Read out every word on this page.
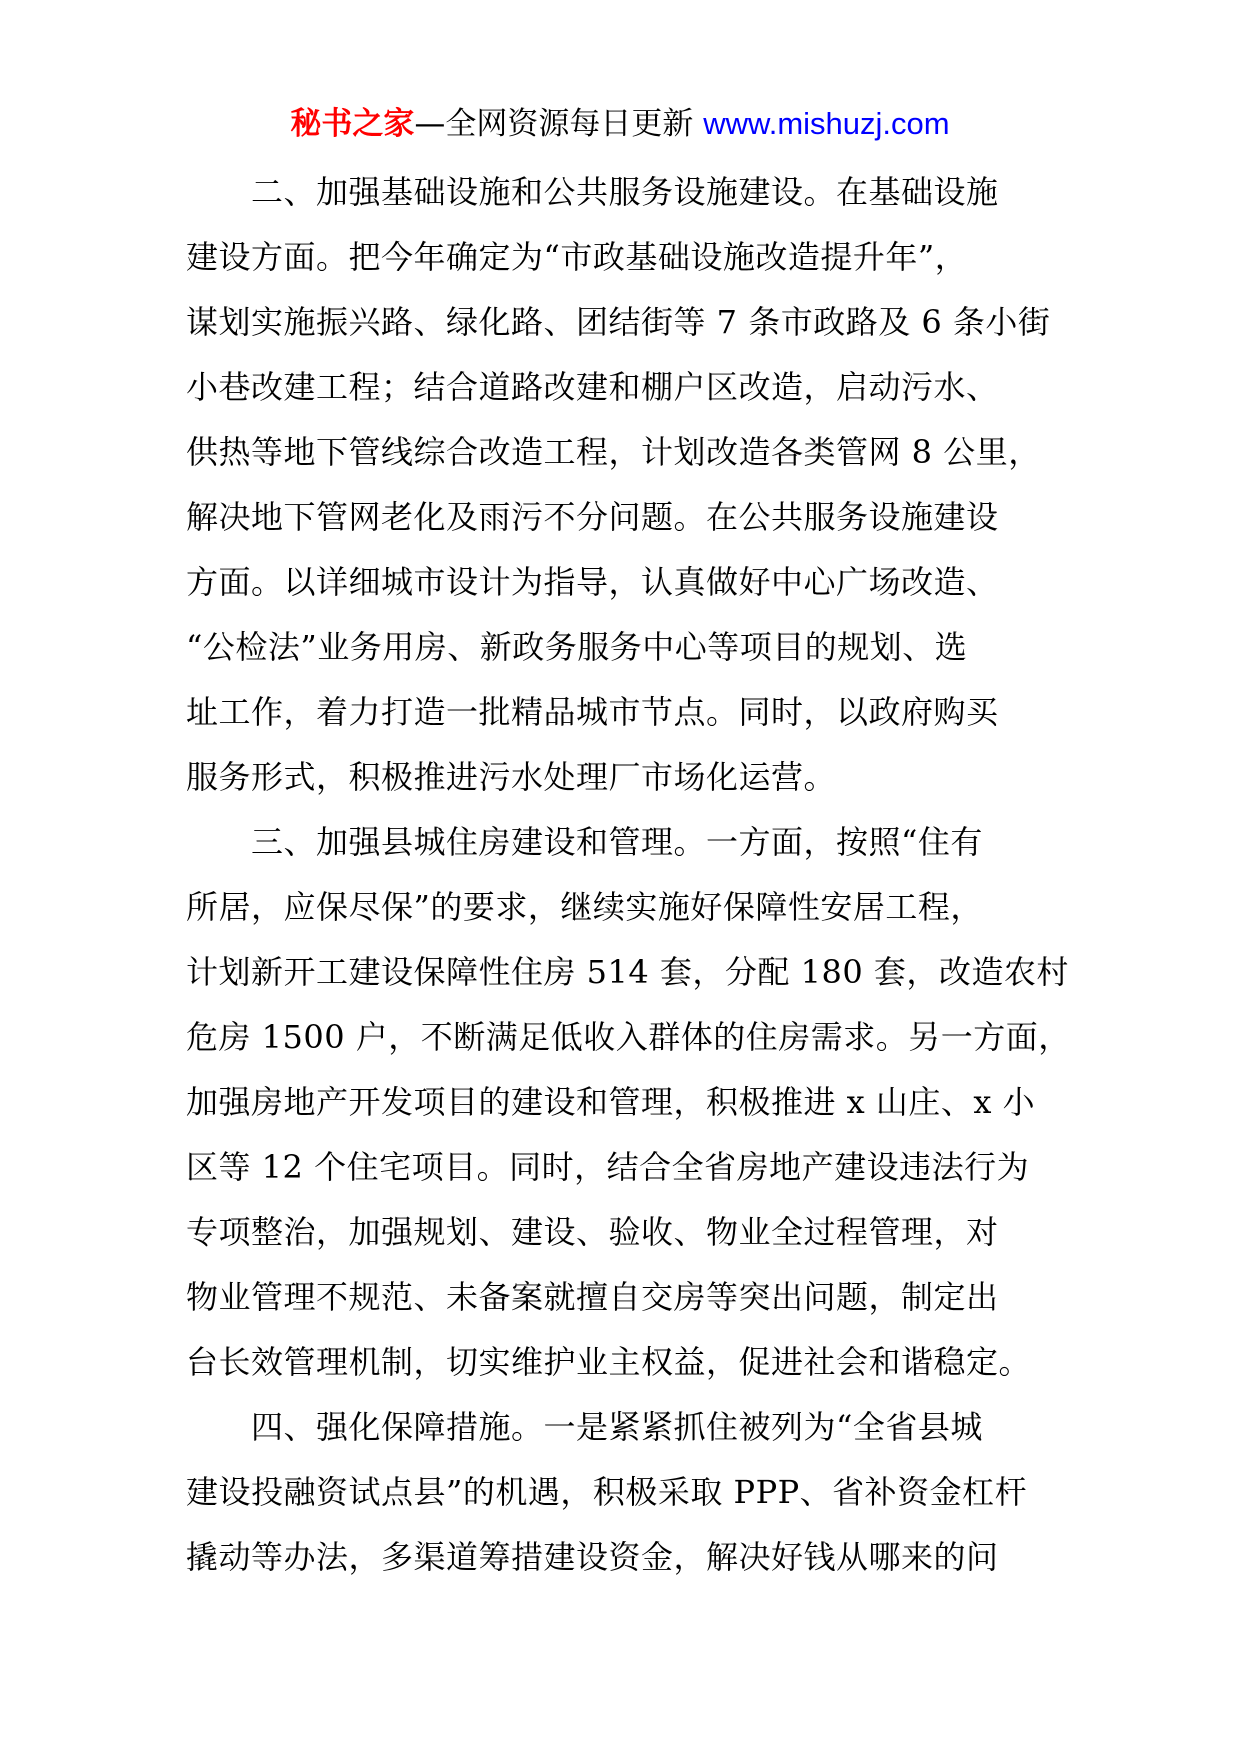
秘书之家—全网资源每日更新 www.mishuzj.com
　　二、加强基础设施和公共服务设施建设。在基础设施
建设方面。把今年确定为“市政基础设施改造提升年”，
谋划实施振兴路、绿化路、团结街等 7 条市政路及 6 条小街
小巷改建工程；结合道路改建和棚户区改造，启动污水、
供热等地下管线综合改造工程，计划改造各类管网 8 公里，
解决地下管网老化及雨污不分问题。在公共服务设施建设
方面。以详细城市设计为指导，认真做好中心广场改造、
“公检法”业务用房、新政务服务中心等项目的规划、选
址工作，着力打造一批精品城市节点。同时，以政府购买
服务形式，积极推进污水处理厂市场化运营。
　　三、加强县城住房建设和管理。一方面，按照“住有
所居，应保尽保”的要求，继续实施好保障性安居工程，
计划新开工建设保障性住房 514 套，分配 180 套，改造农村
危房 1500 户，不断满足低收入群体的住房需求。另一方面，
加强房地产开发项目的建设和管理，积极推进 x 山庄、x 小
区等 12 个住宅项目。同时，结合全省房地产建设违法行为
专项整治，加强规划、建设、验收、物业全过程管理，对
物业管理不规范、未备案就擅自交房等突出问题，制定出
台长效管理机制，切实维护业主权益，促进社会和谐稳定。
　　四、强化保障措施。一是紧紧抓住被列为“全省县城
建设投融资试点县”的机遇，积极采取 PPP、省补资金杠杆
撬动等办法，多渠道筹措建设资金，解决好钱从哪来的问
